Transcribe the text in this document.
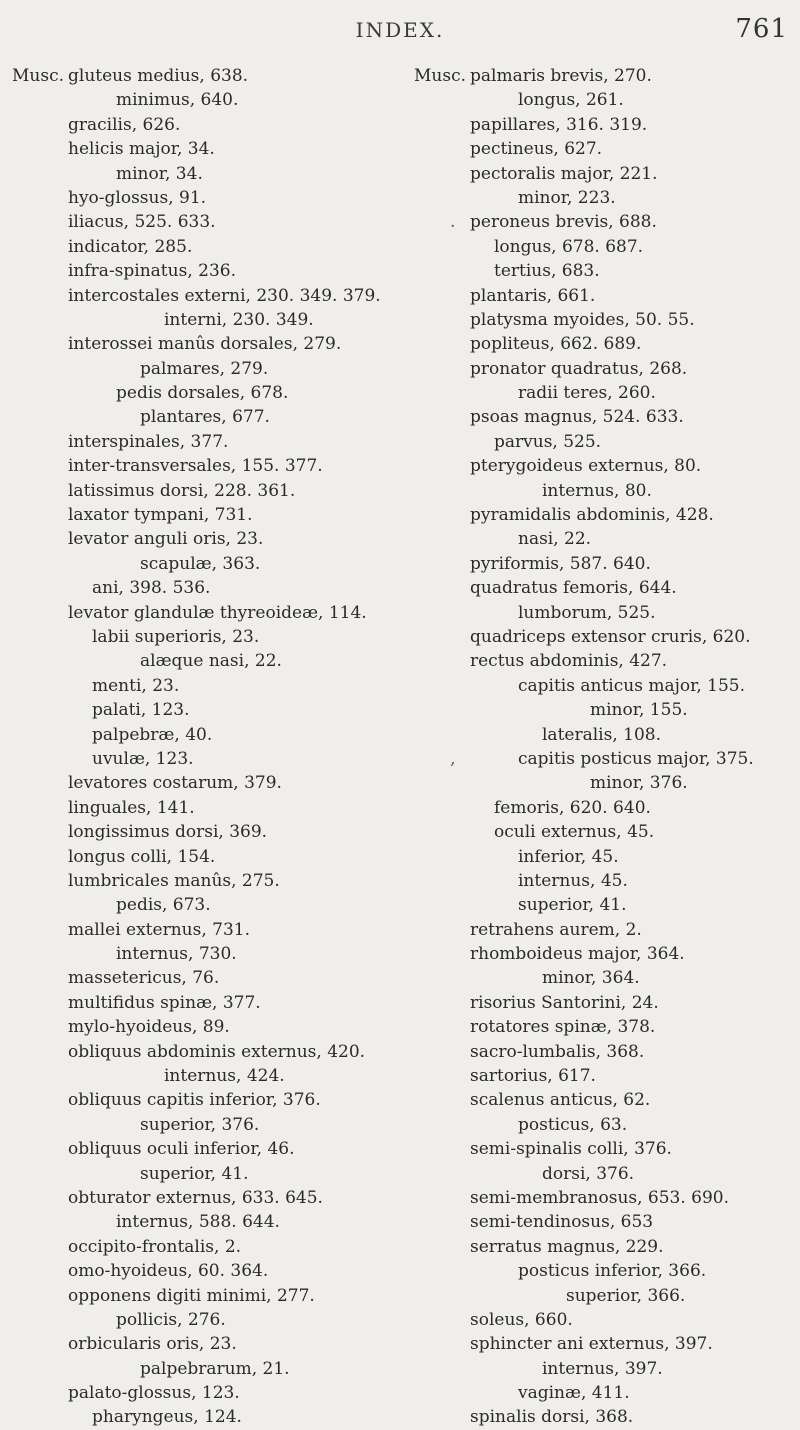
INDEX.	761
Musc. gluteus medius, 638.
minimus, 640.
gracilis, 626.
helicis major, 34.
minor, 34.
hyo-glossus, 91.
iliacus, 525. 633.
indicator, 285.
infra-spinatus, 236.
intercostales externi, 230. 349. 379.
interni, 230. 349.
interossei manûs dorsales, 279.
palmares, 279.
pedis dorsales, 678.
plantares, 677.
interspinales, 377.
inter-transversales, 155. 377.
latissimus dorsi, 228. 361.
laxator tympani, 731.
levator anguli oris, 23.
scapulæ, 363.
ani, 398. 536.
levator glandulæ thyreoideæ, 114.
labii superioris, 23.
alæque nasi, 22.
menti, 23.
palati, 123.
palpebræ, 40.
uvulæ, 123.
levatores costarum, 379.
linguales, 141.
longissimus dorsi, 369.
longus colli, 154.
lumbricales manûs, 275.
pedis, 673.
mallei externus, 731.
internus, 730.
massetericus, 76.
multifidus spinæ, 377.
mylo-hyoideus, 89.
obliquus abdominis externus, 420.
internus, 424.
obliquus capitis inferior, 376.
superior, 376.
obliquus oculi inferior, 46.
superior, 41.
obturator externus, 633. 645.
internus, 588. 644.
occipito-frontalis, 2.
omo-hyoideus, 60. 364.
opponens digiti minimi, 277.
pollicis, 276.
orbicularis oris, 23.
palpebrarum, 21.
palato-glossus, 123.
pharyngeus, 124.
Musc. palmaris brevis, 270.
longus, 261.
papillares, 316. 319.
pectineus, 627.
pectoralis major, 221.
minor, 223.
. peroneus brevis, 688.
longus, 678. 687.
tertius, 683.
plantaris, 661.
platysma myoides, 50. 55.
popliteus, 662. 689.
pronator quadratus, 268.
radii teres, 260.
psoas magnus, 524. 633.
parvus, 525.
pterygoideus externus, 80.
internus, 80.
pyramidalis abdominis, 428.
nasi, 22.
pyriformis, 587. 640.
quadratus femoris, 644.
lumborum, 525.
quadriceps extensor cruris, 620.
rectus abdominis, 427.
capitis anticus major, 155.
minor, 155.
lateralis, 108.
‚	capitis posticus major, 375.
minor, 376.
femoris, 620. 640.
oculi externus, 45.
inferior, 45.
internus, 45.
superior, 41.
retrahens aurem, 2.
rhomboideus major, 364.
minor, 364.
risorius Santorini, 24.
rotatores spinæ, 378.
sacro-lumbalis, 368.
sartorius, 617.
scalenus anticus, 62.
posticus, 63.
semi-spinalis colli, 376.
dorsi, 376.
semi-membranosus, 653. 690.
semi-tendinosus, 653
serratus magnus, 229.
posticus inferior, 366.
superior, 366.
soleus, 660.
sphincter ani externus, 397.
internus, 397.
vaginæ, 411.
spinalis dorsi, 368.
